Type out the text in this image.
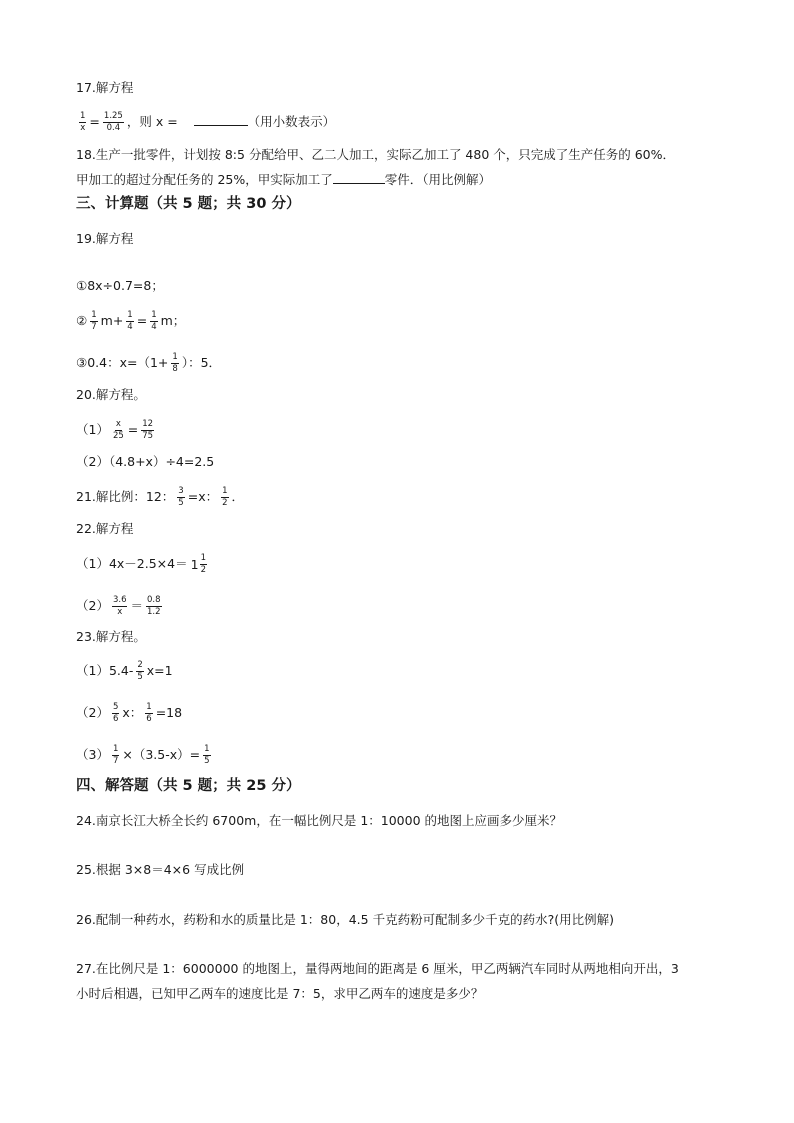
17.解方程
$\frac{1}{x} = \frac{1.25}{0.4}$ ，则 x =	（用小数表示）
18.生产一批零件，计划按 8:5 分配给甲、乙二人加工，实际乙加工了 480 个，只完成了生产任务的 60%．
甲加工的超过分配任务的 25%，甲实际加工了	零件．（用比例解）
三、计算题（共 5 题；共 30 分）
19.解方程
①8x÷0.7=8；
② $\frac{1}{7} m+ \frac{1}{4} = \frac{1}{4}$ m；
③0.4：$x=(1+ \frac{1}{8}$ ）：5．
20.解方程。
$(1) \frac{x}{25} = \frac{12}{75}$
（2）（4.8+x）÷4=2.5
21.解比例：12： $\frac{3}{5} =x$： $\frac{1}{2}$ ．
22.解方程
$(1)4x-2.5\times 4= 1 \frac{1}{2}$
$(2) \frac{3.6}{x} = \frac{0.8}{1.2}$
23.解方程。
$(1)5.4- \frac{2}{5} x=1$
$(2) \frac{5}{6}$ x： $\frac{1}{6} =18$
$(3) \frac{1}{7} \times(3.5-x)= \frac{1}{5}$
四、解答题（共 5 题；共 25 分）
24.南京长江大桥全长约 6700m，在一幅比例尺是 1：10000 的地图上应画多少厘米？
25.根据 3×8＝4×6 写成比例
26.配制一种药水，药粉和水的质量比是 1：80，4.5 千克药粉可配制多少千克的药水?(用比例解)
27.在比例尺是 1：6000000 的地图上，量得两地间的距离是 6 厘米，甲乙两辆汽车同时从两地相向开出，3
小时后相遇，已知甲乙两车的速度比是 7：5，求甲乙两车的速度是多少？
